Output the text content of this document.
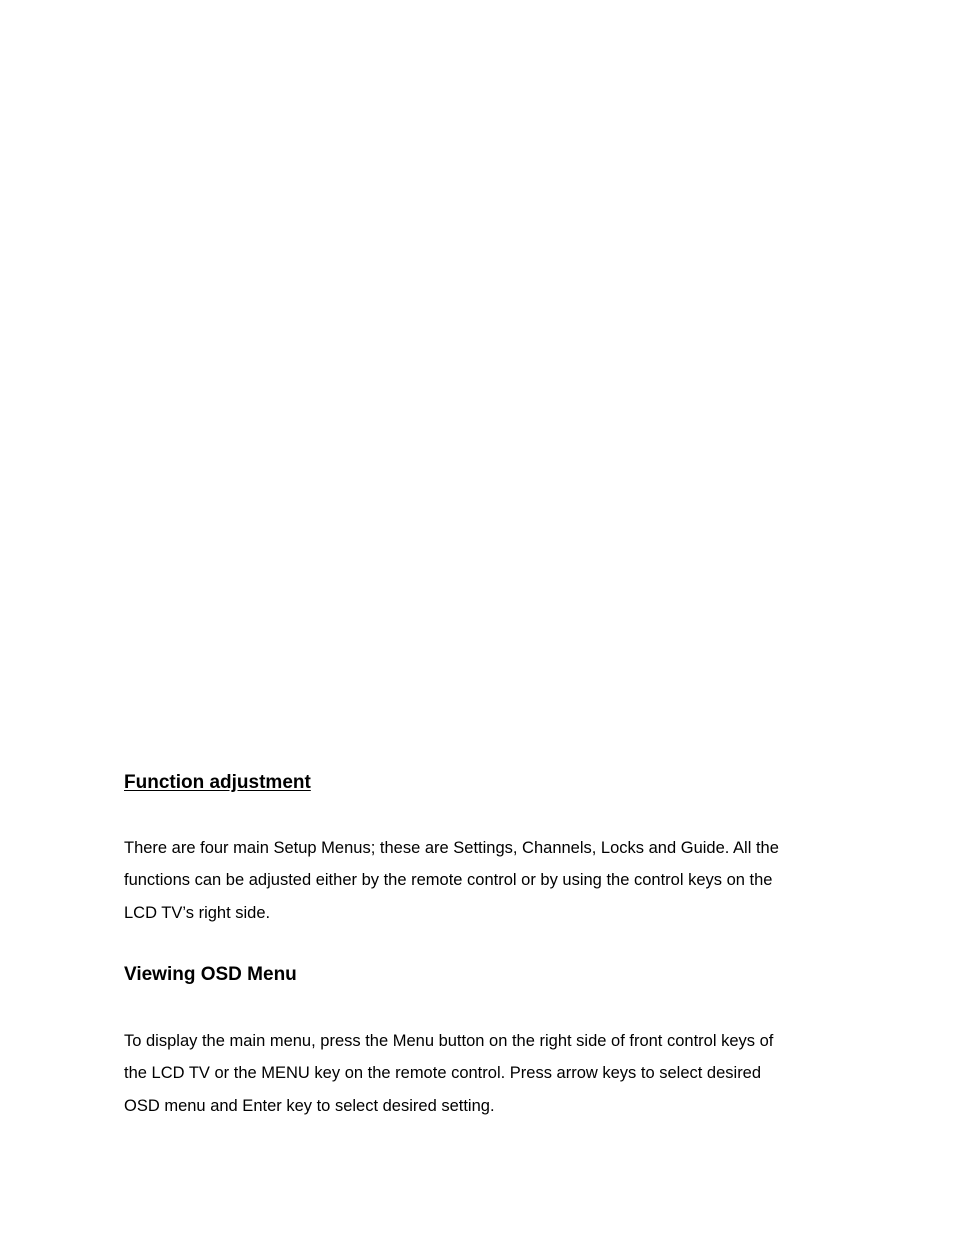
Function adjustment

There are four main Setup Menus; these are Settings, Channels, Locks and Guide. All the
functions can be adjusted either by the remote control or by using the control keys on the
LCD TV’s right side.

Viewing OSD Menu

To display the main menu, press the Menu button on the right side of front control keys of
the LCD TV or the MENU key on the remote control. Press arrow keys to select desired
OSD menu and Enter key to select desired setting.
